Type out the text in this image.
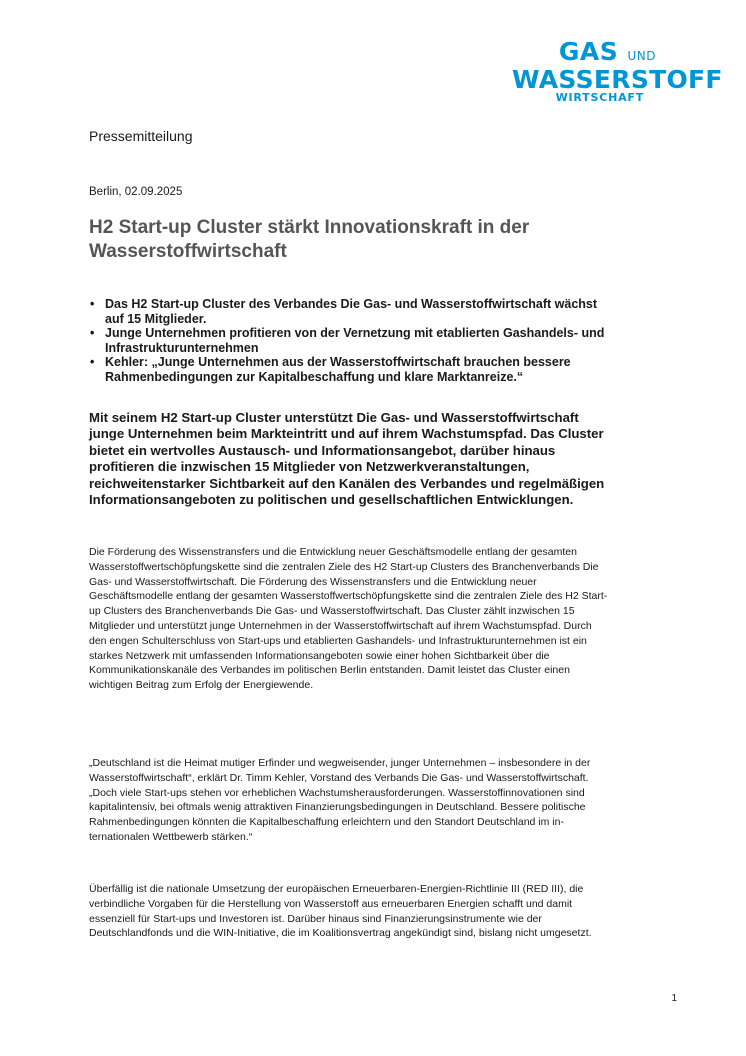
GAS UND
WASSERSTOFF
WIRTSCHAFT
Pressemitteilung
Berlin, 02.09.2025
H2 Start-up Cluster stärkt Innovationskraft in der Wasserstoffwirtschaft
• Das H2 Start-up Cluster des Verbandes Die Gas- und Wasserstoffwirtschaft wächst auf 15 Mitglieder.
• Junge Unternehmen profitieren von der Vernetzung mit etablierten Gashandels- und Infrastrukturunternehmen
• Kehler: „Junge Unternehmen aus der Wasserstoffwirtschaft brauchen bessere Rahmenbedingungen zur Kapitalbeschaffung und klare Marktanreize.“

Mit seinem H2 Start-up Cluster unterstützt Die Gas- und Wasserstoffwirtschaft junge Unternehmen beim Markteintritt und auf ihrem Wachstumspfad. Das Cluster bietet ein wertvolles Austausch- und Informationsangebot, darüber hinaus profitieren die inzwischen 15 Mitglieder von Netzwerkveranstaltungen, reichweitenstarker Sichtbarkeit auf den Kanälen des Verbandes und regelmäßigen Informationsangeboten zu politischen und gesellschaftlichen Entwicklungen.

Die Förderung des Wissenstransfers und die Entwicklung neuer Geschäftsmodelle entlang der gesamten Wasserstoffwertschöpfungskette sind die zentralen Ziele des H2 Start-up Clusters des Branchenverbands Die Gas- und Wasserstoffwirtschaft. Die Förderung des Wissenstransfers und die Entwicklung neuer Geschäftsmodelle entlang der gesamten Wasserstoffwertschöpfungskette sind die zentralen Ziele des H2 Start-up Clusters des Branchenverbands Die Gas- und Wasserstoffwirtschaft. Das Cluster zählt inzwischen 15 Mitglieder und unterstützt junge Unternehmen in der Wasserstoffwirtschaft auf ihrem Wachstumspfad. Durch den engen Schulterschluss von Start-ups und etablierten Gashandels- und Infrastrukturunternehmen ist ein starkes Netzwerk mit umfassenden Informationsangeboten sowie einer hohen Sichtbarkeit über die Kommunikationskanäle des Verbandes im politischen Berlin entstanden. Damit leistet das Cluster einen wichtigen Beitrag zum Erfolg der Energiewende.

„Deutschland ist die Heimat mutiger Erfinder und wegweisender, junger Unternehmen – insbesondere in der Wasserstoffwirtschaft“, erklärt Dr. Timm Kehler, Vorstand des Verbands Die Gas- und Wasserstoffwirtschaft. „Doch viele Start-ups stehen vor erheblichen Wachstumsherausforderungen. Wasserstoffinnovationen sind kapitalintensiv, bei oftmals wenig attraktiven Finanzierungsbedingungen in Deutschland. Bessere politische Rahmenbedingungen könnten die Kapitalbeschaffung erleichtern und den Standort Deutschland im internationalen Wettbewerb stärken.“

Überfällig ist die nationale Umsetzung der europäischen Erneuerbaren-Energien-Richtlinie III (RED III), die verbindliche Vorgaben für die Herstellung von Wasserstoff aus erneuerbaren Energien schafft und damit essenziell für Start-ups und Investoren ist. Darüber hinaus sind Finanzierungsinstrumente wie der Deutschlandfonds und die WIN-Initiative, die im Koalitionsvertrag angekündigt sind, bislang nicht umgesetzt.

1
